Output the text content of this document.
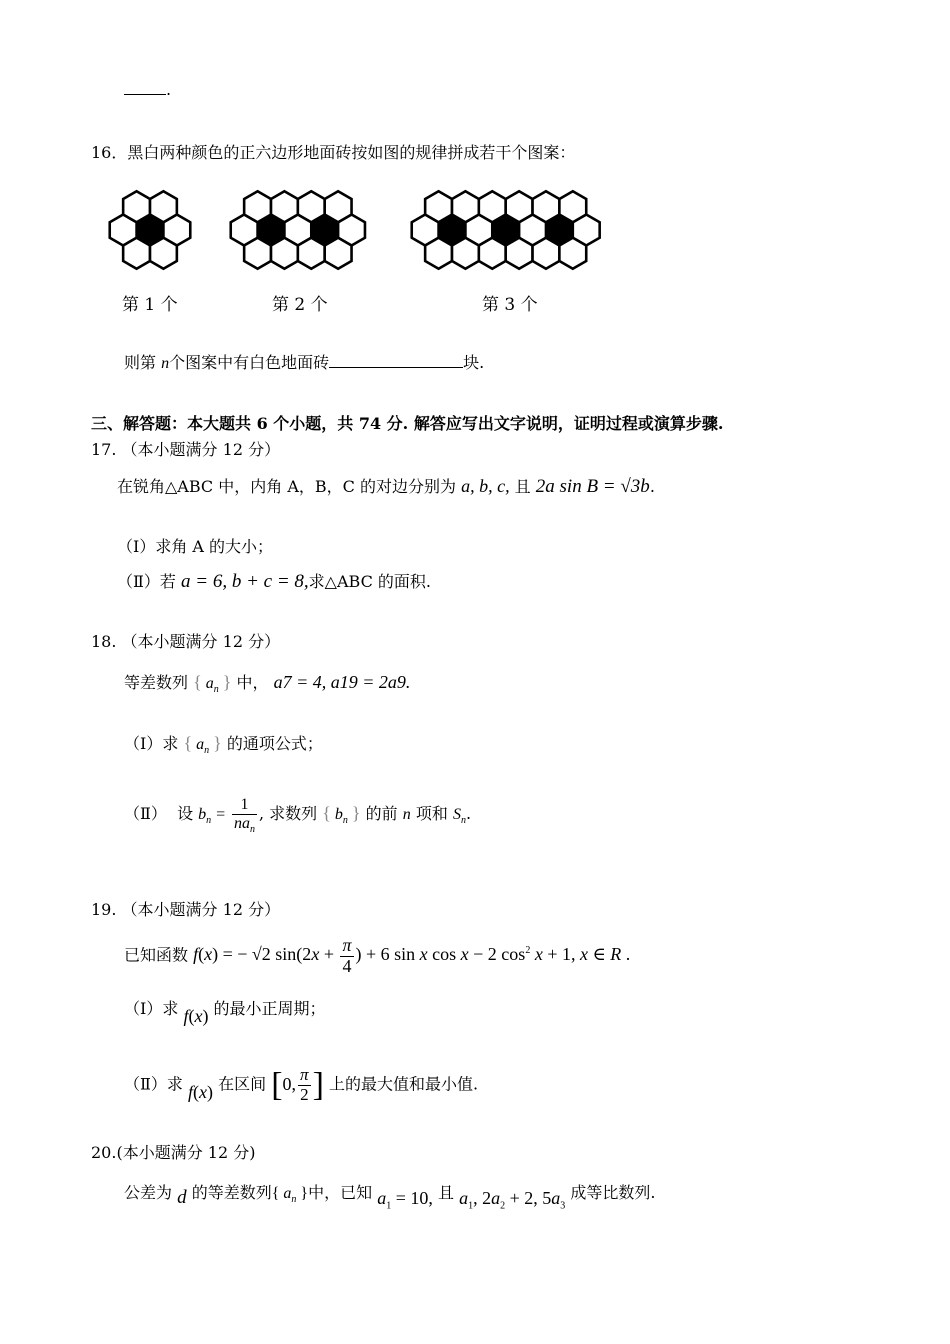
.
16．黑白两种颜色的正六边形地面砖按如图的规律拼成若干个图案：
第 1 个	第 2 个	第 3 个
则第 n个图案中有白色地面砖	块.
三、解答题：本大题共 6 个小题，共 74 分. 解答应写出文字说明，证明过程或演算步骤.
17. （本小题满分 12 分）
在锐角△ABC 中，内角 A，B，C 的对边分别为 a, b, c, 且 2a sin B = √3b.
（Ⅰ）求角 A 的大小；
（Ⅱ）若 a = 6, b + c = 8,求△ABC 的面积.
18. （本小题满分 12 分）
等差数列 { $a_n$ } 中， a7 = 4, a19 = 2a9.
（Ⅰ）求 { $a_n$ } 的通项公式；
（Ⅱ） 设 $b_n = \frac{1}{na_n}$ , 求数列 { $b_n$ } 的前 n 项和 $S_n$.
19. （本小题满分 12 分）
已知函数 f(x) = − √2 $\sin(2x + \frac{\pi}{4}$ ) + 6 sin x cos x − 2 $\cos^2 x + 1$, x ∈ R .
（Ⅰ）求 f(x) 的最小正周期；
（Ⅱ）求 f(x) 在区间 [0, $\frac{\pi}{2}$ ] 上的最大值和最小值.
20.(本小题满分 12 分)
公差为 d 的等差数列{ $a_n$ }中，已知 $a_1 = 10$, 且 $a_1$, $2a_2 + 2$, $5a_3$ 成等比数列.
